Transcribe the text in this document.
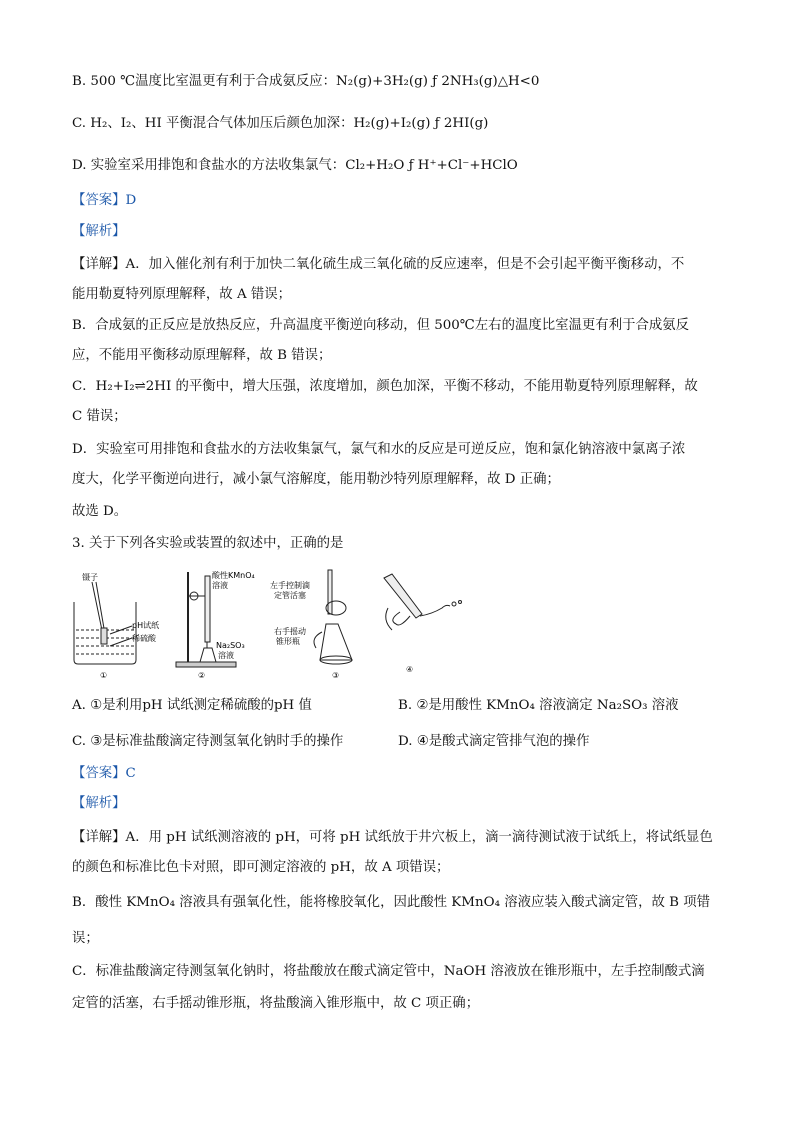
B. 500 ℃温度比室温更有利于合成氨反应：N₂(g)+3H₂(g) ƒ 2NH₃(g)△H<0
C. H₂、I₂、HI 平衡混合气体加压后颜色加深：H₂(g)+I₂(g) ƒ 2HI(g)
D. 实验室采用排饱和食盐水的方法收集氯气：Cl₂+H₂O ƒ H⁺+Cl⁻+HClO
【答案】D
【解析】
【详解】A．加入催化剂有利于加快二氧化硫生成三氧化硫的反应速率，但是不会引起平衡平衡移动，不
能用勒夏特列原理解释，故 A 错误；
B．合成氨的正反应是放热反应，升高温度平衡逆向移动，但 500℃左右的温度比室温更有利于合成氨反
应，不能用平衡移动原理解释，故 B 错误；
C．H₂+I₂⇌2HI 的平衡中，增大压强，浓度增加，颜色加深，平衡不移动，不能用勒夏特列原理解释，故
C 错误；
D．实验室可用排饱和食盐水的方法收集氯气，氯气和水的反应是可逆反应，饱和氯化钠溶液中氯离子浓
度大，化学平衡逆向进行，减小氯气溶解度，能用勒沙特列原理解释，故 D 正确；
故选 D。
3. 关于下列各实验或装置的叙述中，正确的是
镊子
pH试纸
稀硫酸
①
酸性KMnO₄
溶液
Na₂SO₃
溶液
②
左手控制滴
定管活塞
右手摇动
锥形瓶
③
④
A. ①是利用pH 试纸测定稀硫酸的pH 值	B. ②是用酸性 KMnO₄ 溶液滴定 Na₂SO₃ 溶液
C. ③是标准盐酸滴定待测氢氧化钠时手的操作	D. ④是酸式滴定管排气泡的操作
【答案】C
【解析】
【详解】A．用 pH 试纸测溶液的 pH，可将 pH 试纸放于井穴板上，滴一滴待测试液于试纸上，将试纸显色
的颜色和标准比色卡对照，即可测定溶液的 pH，故 A 项错误；
B．酸性 KMnO₄ 溶液具有强氧化性，能将橡胶氧化，因此酸性 KMnO₄ 溶液应装入酸式滴定管，故 B 项错
误；
C．标准盐酸滴定待测氢氧化钠时，将盐酸放在酸式滴定管中，NaOH 溶液放在锥形瓶中，左手控制酸式滴
定管的活塞，右手摇动锥形瓶，将盐酸滴入锥形瓶中，故 C 项正确；
